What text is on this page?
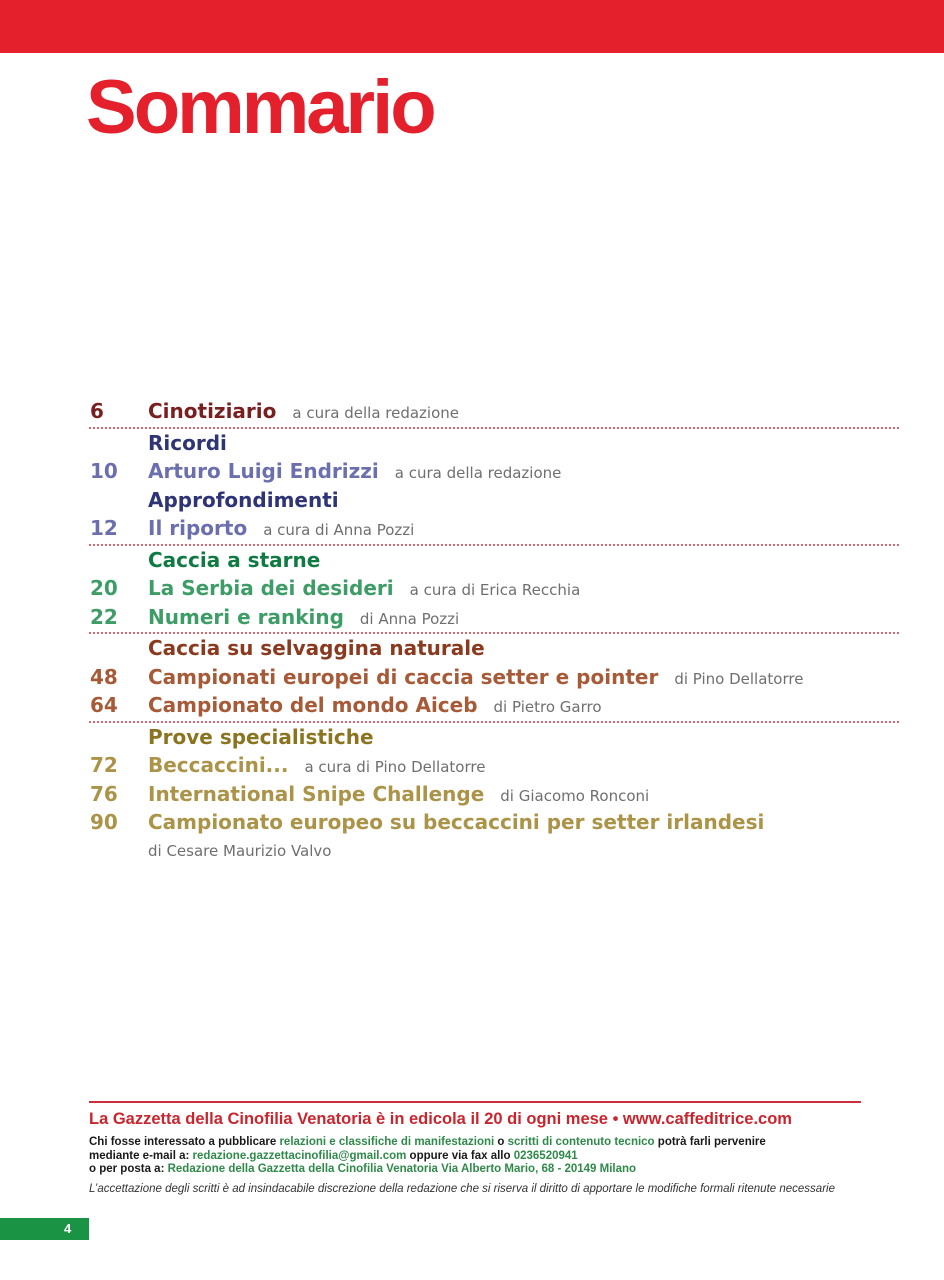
Sommario
6 Cinotiziario a cura della redazione
Ricordi
10 Arturo Luigi Endrizzi a cura della redazione
Approfondimenti
12 Il riporto a cura di Anna Pozzi
Caccia a starne
20 La Serbia dei desideri a cura di Erica Recchia
22 Numeri e ranking di Anna Pozzi
Caccia su selvaggina naturale
48 Campionati europei di caccia setter e pointer di Pino Dellatorre
64 Campionato del mondo Aiceb di Pietro Garro
Prove specialistiche
72 Beccaccini... a cura di Pino Dellatorre
76 International Snipe Challenge di Giacomo Ronconi
90 Campionato europeo su beccaccini per setter irlandesi
di Cesare Maurizio Valvo
La Gazzetta della Cinofilia Venatoria è in edicola il 20 di ogni mese • www.caffeditrice.com
Chi fosse interessato a pubblicare relazioni e classifiche di manifestazioni o scritti di contenuto tecnico potrà farli pervenire
mediante e-mail a: redazione.gazzettacinofilia@gmail.com oppure via fax allo 0236520941
o per posta a: Redazione della Gazzetta della Cinofilia Venatoria Via Alberto Mario, 68 - 20149 Milano
L’accettazione degli scritti è ad insindacabile discrezione della redazione che si riserva il diritto di apportare le modifiche formali ritenute necessarie
4
